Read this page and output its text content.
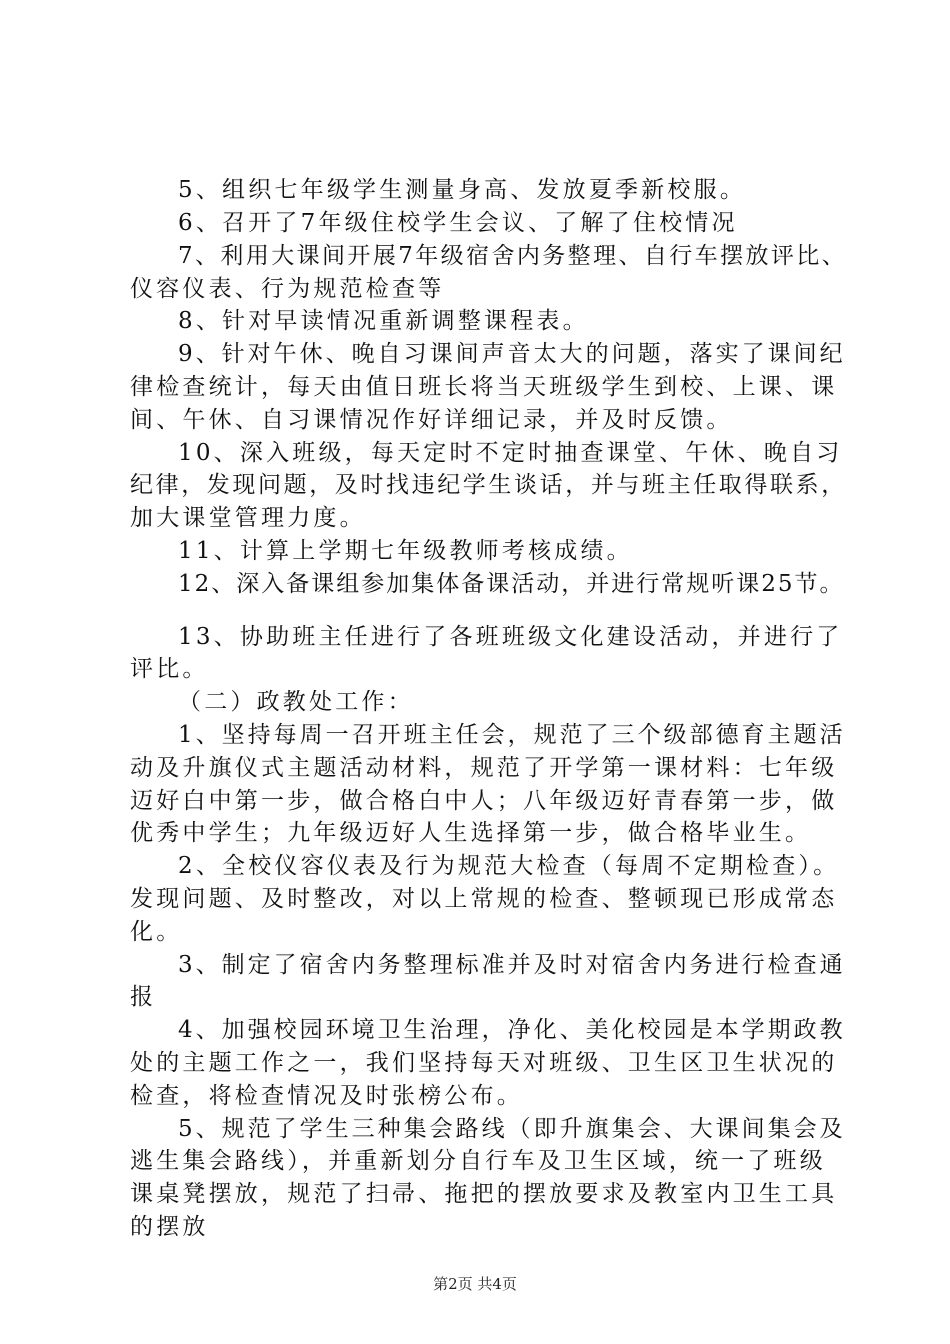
5、组织七年级学生测量身高、发放夏季新校服。
6、召开了7年级住校学生会议、了解了住校情况
7、利用大课间开展7年级宿舍内务整理、自行车摆放评比、
仪容仪表、行为规范检查等
8、针对早读情况重新调整课程表。
9、针对午休、晚自习课间声音太大的问题，落实了课间纪
律检查统计，每天由值日班长将当天班级学生到校、上课、课
间、午休、自习课情况作好详细记录，并及时反馈。
10、深入班级，每天定时不定时抽查课堂、午休、晚自习
纪律，发现问题，及时找违纪学生谈话，并与班主任取得联系，
加大课堂管理力度。
11、计算上学期七年级教师考核成绩。
12、深入备课组参加集体备课活动，并进行常规听课25节。
13、协助班主任进行了各班班级文化建设活动，并进行了
评比。
（二）政教处工作：
1、坚持每周一召开班主任会，规范了三个级部德育主题活
动及升旗仪式主题活动材料，规范了开学第一课材料：七年级
迈好白中第一步，做合格白中人；八年级迈好青春第一步，做
优秀中学生；九年级迈好人生选择第一步，做合格毕业生。
2、全校仪容仪表及行为规范大检查（每周不定期检查）。
发现问题、及时整改，对以上常规的检查、整顿现已形成常态
化。
3、制定了宿舍内务整理标准并及时对宿舍内务进行检查通
报
4、加强校园环境卫生治理，净化、美化校园是本学期政教
处的主题工作之一，我们坚持每天对班级、卫生区卫生状况的
检查，将检查情况及时张榜公布。
5、规范了学生三种集会路线（即升旗集会、大课间集会及
逃生集会路线），并重新划分自行车及卫生区域，统一了班级
课桌凳摆放，规范了扫帚、拖把的摆放要求及教室内卫生工具
的摆放
第2页 共4页
